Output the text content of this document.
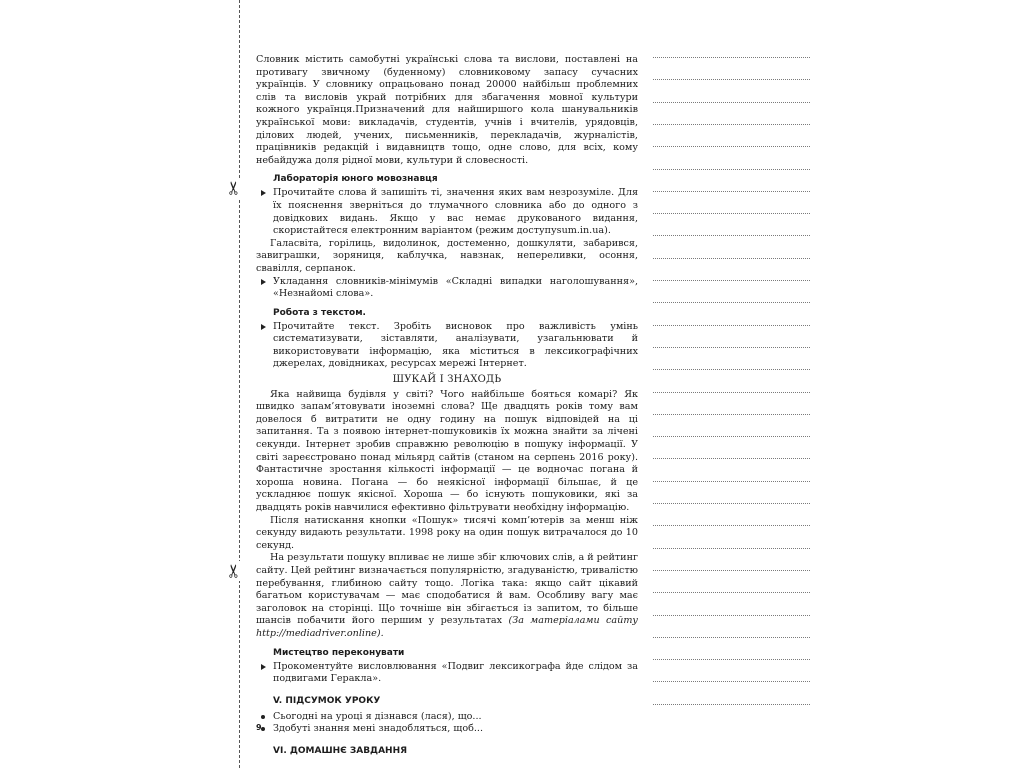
✂
✂

Словник містить самобутні українські слова та вислови, поставлені на противагу звичному (буденному) словниковому запасу сучасних українців. У словнику опрацьовано понад 20000 найбільш проблемних слів та висловів украй потрібних для збагачення мовної культури кожного українця.Призначений для найширшого кола шанувальників української мови: викладачів, студентів, учнів і вчителів, урядовців, ділових людей, учених, письменників, перекладачів, журналістів, працівників редакцій і видавництв тощо, одне слово, для всіх, кому небайдужа доля рідної мови, культури й словесності.

Лабораторія юного мовознавця
Прочитайте слова й запишіть ті, значення яких вам незрозуміле. Для їх пояснення зверніться до тлумачного словника або до одного з довідкових видань. Якщо у вас немає друкованого видання, скористайтеся електронним варіантом (режим доступуsum.in.ua).

Галасвіта, горілиць, видолинок, достеменно, дошкуляти, забарився, завиграшки, зоряниця, каблучка, навзнак, непереливки, осоння, свавілля, серпанок.

Укладання словників-мінімумів «Складні випадки наголошування», «Незнайомі слова».
Робота з текстом.
Прочитайте текст. Зробіть висновок про важливість умінь систематизувати, зіставляти, аналізувати, узагальнювати й використовувати інформацію, яка міститься в лексикографічних джерелах, довідниках, ресурсах мережі Інтернет.
ШУКАЙ І ЗНАХОДЬ

Яка найвища будівля у світі? Чого найбільше бояться комарі? Як швидко запам’ятовувати іноземні слова? Ще двадцять років тому вам довелося б витратити не одну годину на пошук відповідей на ці запитання. Та з появою інтернет-пошуковиків їх можна знайти за лічені секунди. Інтернет зробив справжню революцію в пошуку інформації. У світі зареєстровано понад мільярд сайтів (станом на серпень 2016 року). Фантастичне зростання кількості інформації — це водночас погана й хороша новина. Погана — бо неякісної інформації більшає, й це ускладнює пошук якісної. Хороша — бо існують пошуковики, які за двадцять років навчилися ефективно фільтрувати необхідну інформацію.

Після натискання кнопки «Пошук» тисячі комп’ютерів за менш ніж секунду видають результати. 1998 року на один пошук витрачалося до 10 секунд.

На результати пошуку впливає не лише збіг ключових слів, а й рейтинг сайту. Цей рейтинг визначається популярністю, згадуваністю, тривалістю перебування, глибиною сайту тощо. Логіка така: якщо сайт цікавий багатьом користувачам — має сподобатися й вам. Особливу вагу має заголовок на сторінці. Що точніше він збігається із запитом, то більше шансів побачити його першим у результатах (За матеріалами сайту http://mediadriver.online).

Мистецтво переконувати
Прокоментуйте висловлювання «Подвиг лексикографа йде слідом за подвигами Геракла».
V. ПІДСУМОК УРОКУ
Сьогодні на уроці я дізнався (лася), що...
Здобуті знання мені знадобляться, щоб...
VI. ДОМАШНЄ ЗАВДАННЯ
9
